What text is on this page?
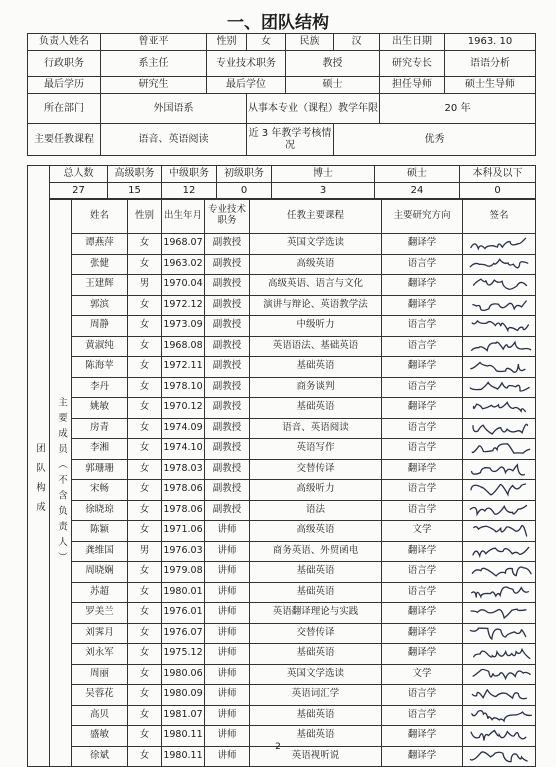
一、团队结构
负责人姓名	曾亚平	性别	女	民族	汉	出生日期	1963. 10
行政职务	系主任	专业技术职务		教授		研究专长	语语分析
最后学历	研究生	最后学位		硕士		担任导师	硕士生导师
所在部门	外国语系		从事本专业（课程）教学年限			20 年	
主要任教课程	语音、英语阅读		近 3 年教学考核情况		优秀		
	总人数	高级职务	中级职务	初级职务	博士	硕士	本科及以下
	27	15	12	0	3	24	0
团队构成	主要成员（不含负责人）	姓名	性别	出生年月	专业技术职务	任教主要课程	主要研究方向	签名
		谭燕萍	女	1968.07	副教授	英国文学选读	翻译学	

		张健	女	1963.02	副教授	高级英语	语言学	

		王建辉	男	1970.04	副教授	高级英语、语言与文化	翻译学	

		郭滨	女	1972.12	副教授	演讲与辩论、英语教学法	翻译学	

		周静	女	1973.09	副教授	中级听力	语言学	

		黄淑纯	女	1968.08	副教授	英语语法、基础英语	语言学	

		陈海苹	女	1972.11	副教授	基础英语	翻译学	

		李丹	女	1978.10	副教授	商务谈判	语言学	

		姚敏	女	1970.12	副教授	基础英语	翻译学	

		房青	女	1974.09	副教授	语音、英语阅读	语言学	

		李湘	女	1974.10	副教授	英语写作	语言学	

		郭珊珊	女	1978.03	副教授	交替传译	翻译学	

		宋畅	女	1978.06	副教授	高级听力	语言学	

		徐晓琼	女	1978.06	副教授	语法	语言学	

		陈颖	女	1971.06	讲师	高级英语	文学	

		龚维国	男	1976.03	讲师	商务英语、外贸函电	翻译学	

		周晓娴	女	1979.08	讲师	基础英语	语言学	

		苏超	女	1980.01	讲师	基础英语	语言学	

		罗美兰	女	1976.01	讲师	英语翻译理论与实践	翻译学	

		刘霁月	女	1976.07	讲师	交替传译	翻译学	

		刘永军	女	1975.12	讲师	基础英语	翻译学	

		周丽	女	1980.06	讲师	英国文学选读	文学	

		吴蓉花	女	1980.09	讲师	英语词汇学	语言学	

		高贝	女	1981.07	讲师	基础英语	语言学	

		盛敏	女	1980.11	讲师	基础英语	翻译学	

		徐斌	女	1980.11	讲师	英语视听说	翻译学	
2
